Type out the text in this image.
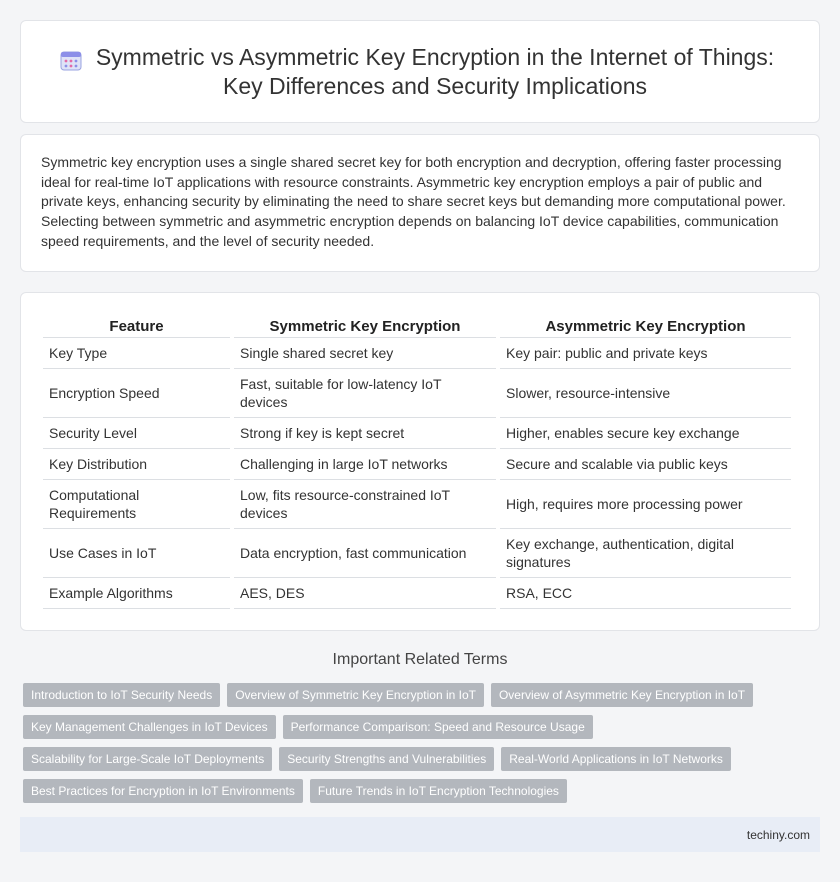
Symmetric vs Asymmetric Key Encryption in the Internet of Things: Key Differences and Security Implications

Symmetric key encryption uses a single shared secret key for both encryption and decryption, offering faster processing ideal for real-time IoT applications with resource constraints. Asymmetric key encryption employs a pair of public and private keys, enhancing security by eliminating the need to share secret keys but demanding more computational power. Selecting between symmetric and asymmetric encryption depends on balancing IoT device capabilities, communication speed requirements, and the level of security needed.

Feature	Symmetric Key Encryption	Asymmetric Key Encryption
Key Type	Single shared secret key	Key pair: public and private keys
Encryption Speed	Fast, suitable for low-latency IoT devices	Slower, resource-intensive
Security Level	Strong if key is kept secret	Higher, enables secure key exchange
Key Distribution	Challenging in large IoT networks	Secure and scalable via public keys
Computational Requirements	Low, fits resource-constrained IoT devices	High, requires more processing power
Use Cases in IoT	Data encryption, fast communication	Key exchange, authentication, digital signatures
Example Algorithms	AES, DES	RSA, ECC
Important Related Terms
Introduction to IoT Security Needs	Overview of Symmetric Key Encryption in IoT	Overview of Asymmetric Key Encryption in IoT
Key Management Challenges in IoT Devices	Performance Comparison: Speed and Resource Usage
Scalability for Large-Scale IoT Deployments	Security Strengths and Vulnerabilities	Real-World Applications in IoT Networks
Best Practices for Encryption in IoT Environments	Future Trends in IoT Encryption Technologies
techiny.com
